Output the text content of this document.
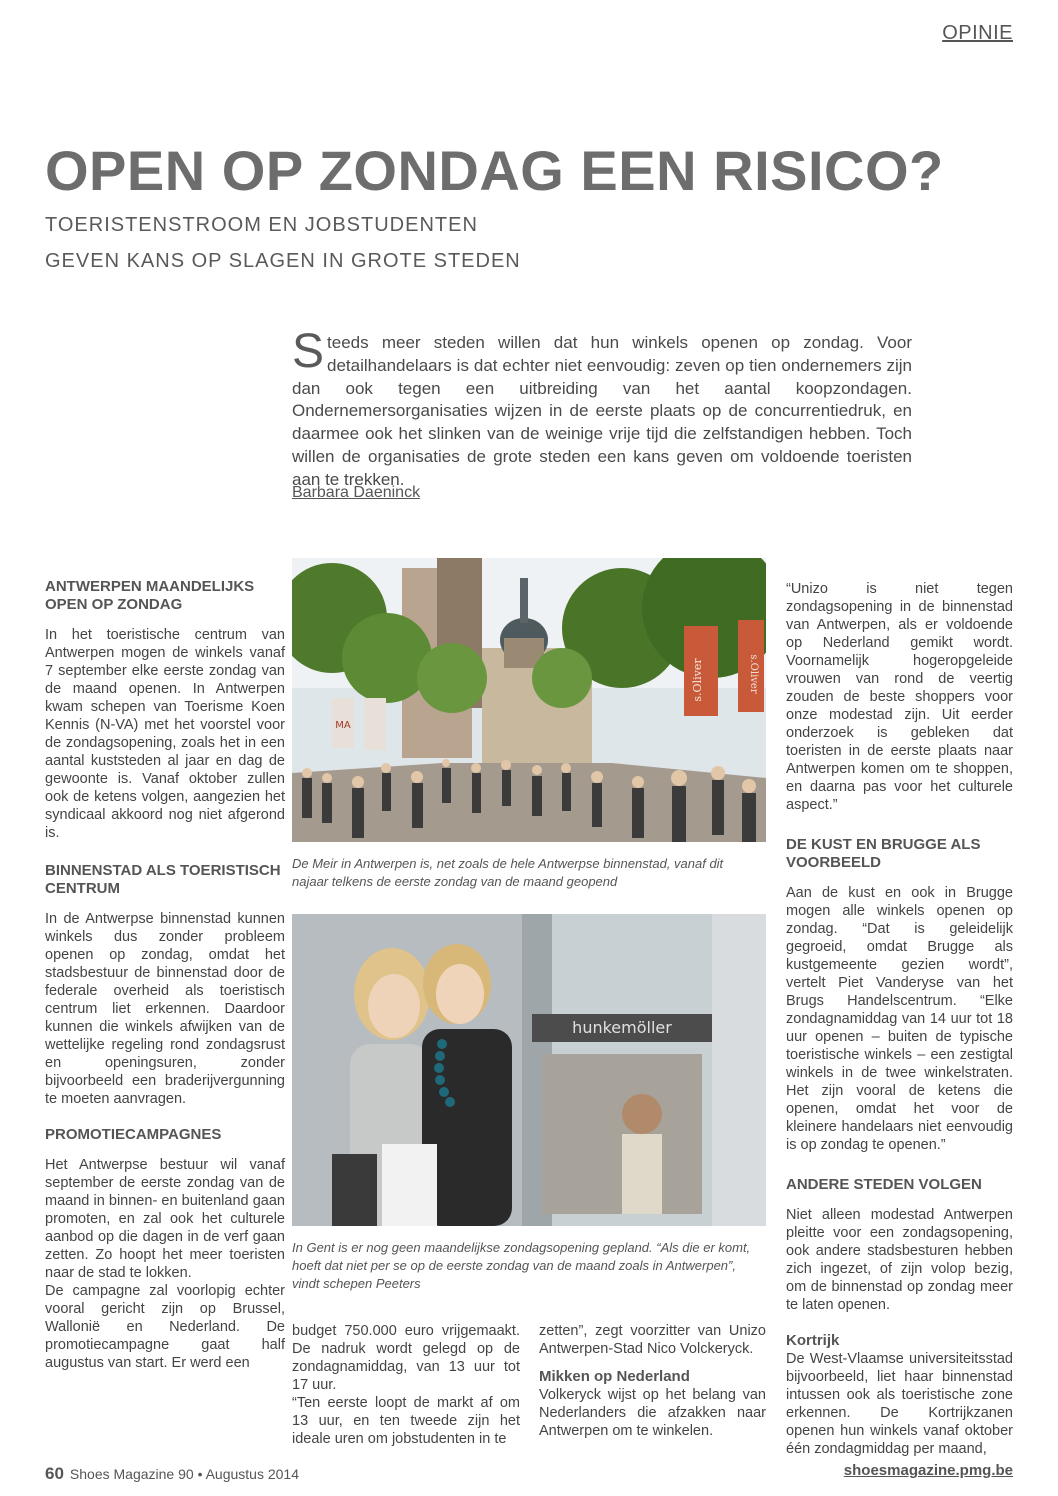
OPINIE
OPEN OP ZONDAG EEN RISICO?
TOERISTENSTROOM EN JOBSTUDENTEN
GEVEN KANS OP SLAGEN IN GROTE STEDEN
Steeds meer steden willen dat hun winkels openen op zondag. Voor detailhandelaars is dat echter niet eenvoudig: zeven op tien ondernemers zijn dan ook tegen een uitbreiding van het aantal koopzondagen. Ondernemersorganisaties wijzen in de eerste plaats op de concurrentiedruk, en daarmee ook het slinken van de weinige vrije tijd die zelfstandigen hebben. Toch willen de organisaties de grote steden een kans geven om voldoende toeristen aan te trekken.
Barbara Daeninck
ANTWERPEN MAANDELIJKS OPEN OP ZONDAG

In het toeristische centrum van Antwerpen mogen de winkels vanaf 7 september elke eerste zondag van de maand openen. In Antwerpen kwam schepen van Toerisme Koen Kennis (N-VA) met het voorstel voor de zondagsopening, zoals het in een aantal kuststeden al jaar en dag de gewoonte is. Vanaf oktober zullen ook de ketens volgen, aangezien het syndicaal akkoord nog niet afgerond is.

BINNENSTAD ALS TOERISTISCH CENTRUM

In de Antwerpse binnenstad kunnen winkels dus zonder probleem openen op zondag, omdat het stadsbestuur de binnenstad door de federale overheid als toeristisch centrum liet erkennen. Daardoor kunnen die winkels afwijken van de wettelijke regeling rond zondagsrust en openingsuren, zonder bijvoorbeeld een braderijvergunning te moeten aanvragen.

PROMOTIECAMPAGNES

Het Antwerpse bestuur wil vanaf september de eerste zondag van de maand in binnen- en buitenland gaan promoten, en zal ook het culturele aanbod op die dagen in de verf gaan zetten. Zo hoopt het meer toeristen naar de stad te lokken.

De campagne zal voorlopig echter vooral gericht zijn op Brussel, Wallonië en Nederland. De promotiecampagne gaat half augustus van start. Er werd een

s.Oliver	s.Oliver
MA
De Meir in Antwerpen is, net zoals de hele Antwerpse binnenstad, vanaf dit najaar telkens de eerste zondag van de maand geopend
hunkemöller
In Gent is er nog geen maandelijkse zondagsopening gepland. “Als die er komt, hoeft dat niet per se op de eerste zondag van de maand zoals in Antwerpen”, vindt schepen Peeters

budget 750.000 euro vrijgemaakt. De nadruk wordt gelegd op de zondagnamiddag, van 13 uur tot 17 uur.

“Ten eerste loopt de markt af om 13 uur, en ten tweede zijn het ideale uren om jobstudenten in te

zetten”, zegt voorzitter van Unizo Antwerpen-Stad Nico Volckeryck.

Mikken op Nederland

Volkeryck wijst op het belang van Nederlanders die afzakken naar Antwerpen om te winkelen.

“Unizo is niet tegen zondagsopening in de binnenstad van Antwerpen, als er voldoende op Nederland gemikt wordt. Voornamelijk hogeropgeleide vrouwen van rond de veertig zouden de beste shoppers voor onze modestad zijn. Uit eerder onderzoek is gebleken dat toeristen in de eerste plaats naar Antwerpen komen om te shoppen, en daarna pas voor het culturele aspect.”

DE KUST EN BRUGGE ALS VOORBEELD

Aan de kust en ook in Brugge mogen alle winkels openen op zondag. “Dat is geleidelijk gegroeid, omdat Brugge als kustgemeente gezien wordt”, vertelt Piet Vanderyse van het Brugs Handelscentrum. “Elke zondagnamiddag van 14 uur tot 18 uur openen – buiten de typische toeristische winkels – een zestigtal winkels in de twee winkelstraten. Het zijn vooral de ketens die openen, omdat het voor de kleinere handelaars niet eenvoudig is op zondag te openen.”

ANDERE STEDEN VOLGEN

Niet alleen modestad Antwerpen pleitte voor een zondagsopening, ook andere stadsbesturen hebben zich ingezet, of zijn volop bezig, om de binnenstad op zondag meer te laten openen.

Kortrijk

De West-Vlaamse universiteitsstad bijvoorbeeld, liet haar binnenstad intussen ook als toeristische zone erkennen. De Kortrijkzanen openen hun winkels vanaf oktober één zondagmiddag per maand,

60 Shoes Magazine 90 • Augustus 2014	shoesmagazine.pmg.be
